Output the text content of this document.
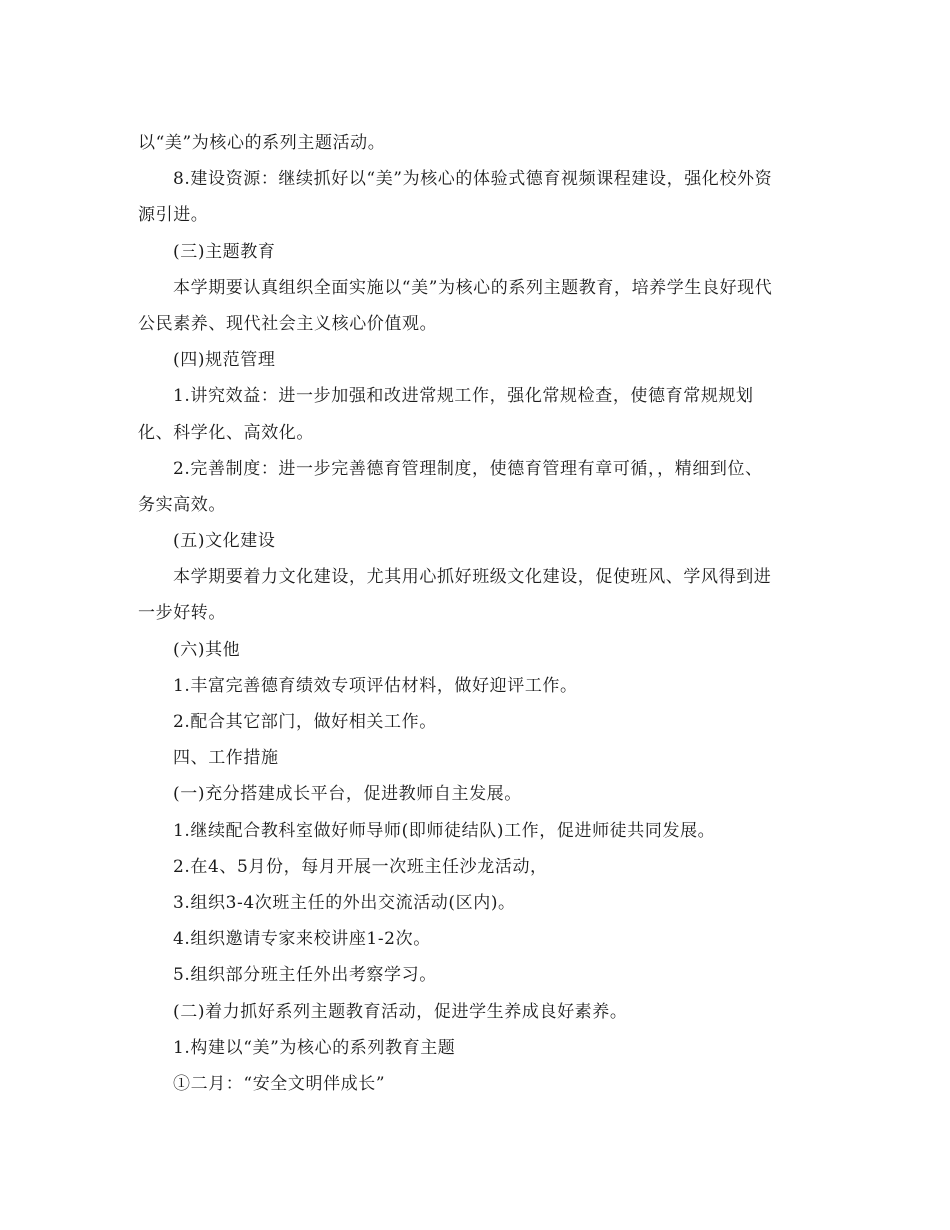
以“美”为核心的系列主题活动。
8.建设资源：继续抓好以“美”为核心的体验式德育视频课程建设，强化校外资
源引进。
(三)主题教育
本学期要认真组织全面实施以“美”为核心的系列主题教育，培养学生良好现代
公民素养、现代社会主义核心价值观。
(四)规范管理
1.讲究效益：进一步加强和改进常规工作，强化常规检查，使德育常规规划
化、科学化、高效化。
2.完善制度：进一步完善德育管理制度，使德育管理有章可循，，精细到位、
务实高效。
(五)文化建设
本学期要着力文化建设，尤其用心抓好班级文化建设，促使班风、学风得到进
一步好转。
(六)其他
1.丰富完善德育绩效专项评估材料，做好迎评工作。
2.配合其它部门，做好相关工作。
四、工作措施
(一)充分搭建成长平台，促进教师自主发展。
1.继续配合教科室做好师导师(即师徒结队)工作，促进师徒共同发展。
2.在4、5月份，每月开展一次班主任沙龙活动，
3.组织3-4次班主任的外出交流活动(区内)。
4.组织邀请专家来校讲座1-2次。
5.组织部分班主任外出考察学习。
(二)着力抓好系列主题教育活动，促进学生养成良好素养。
1.构建以“美”为核心的系列教育主题
①二月：“安全文明伴成长”
